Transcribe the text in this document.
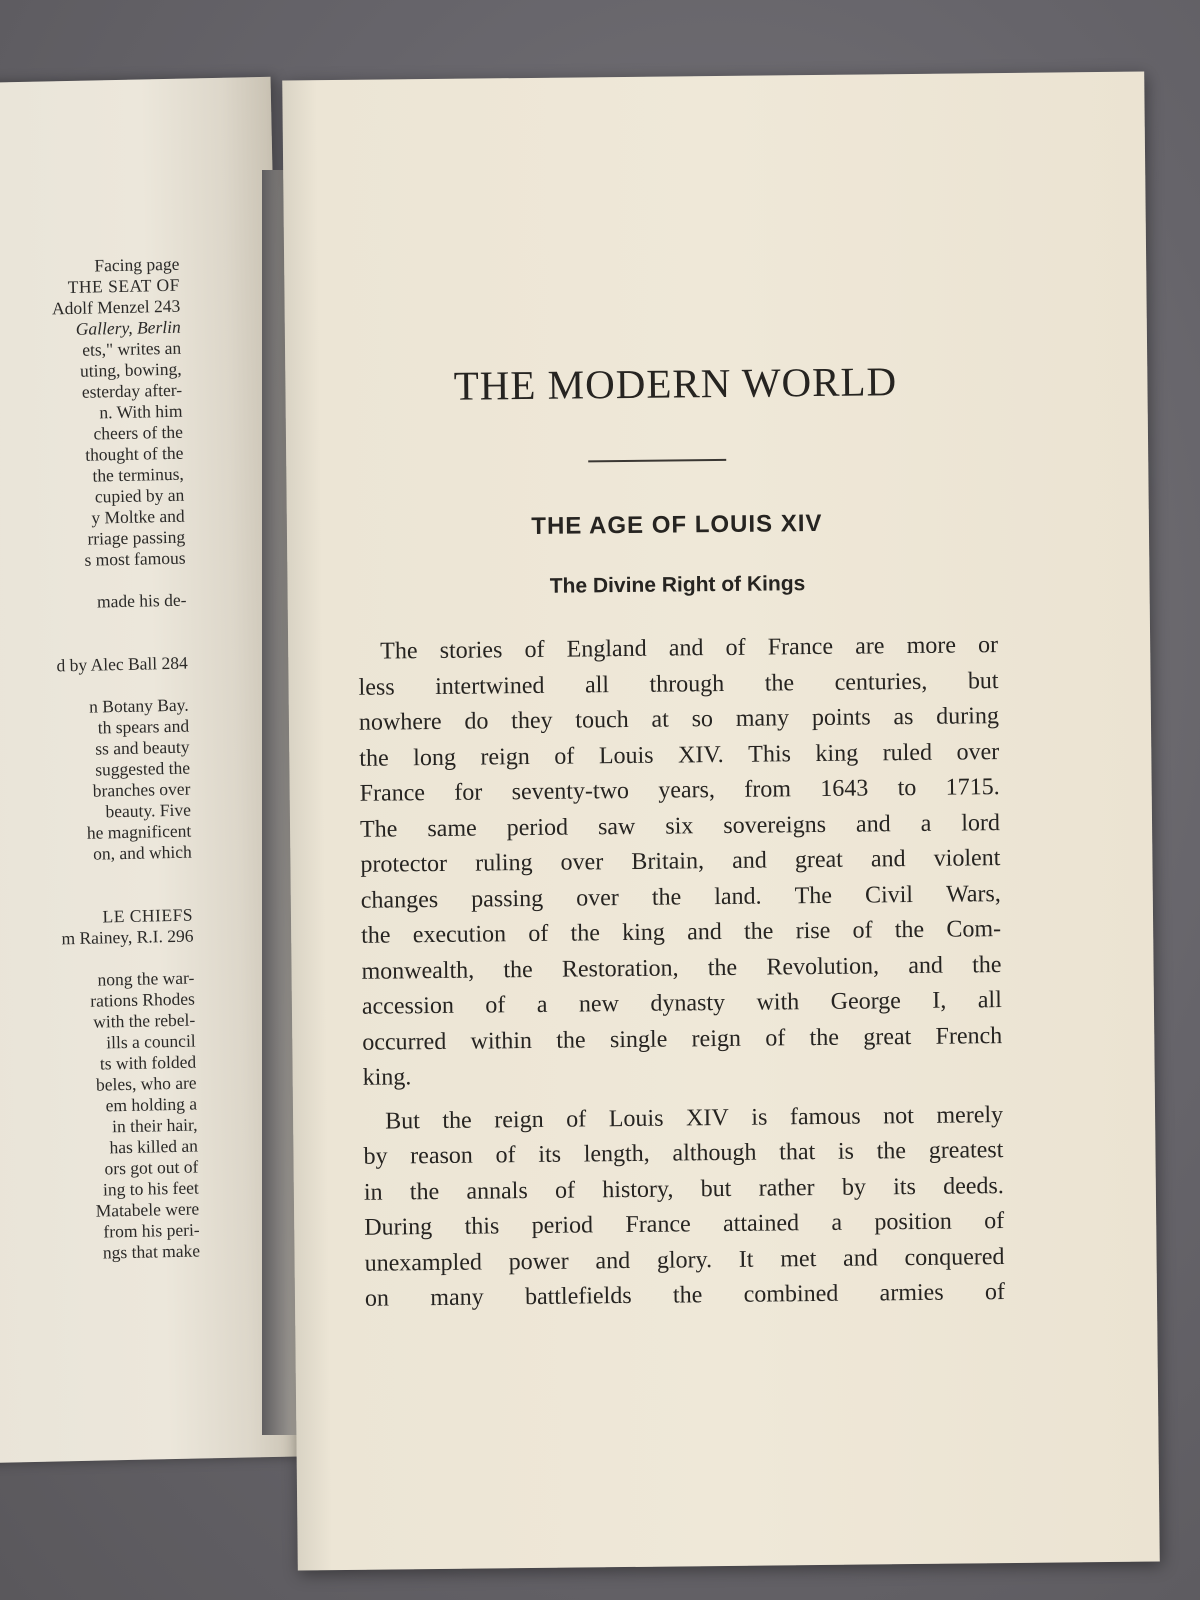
Facing page
THE SEAT OF
Adolf Menzel 243
Gallery, Berlin
ets," writes an
uting, bowing,
esterday after-
n. With him
cheers of the
thought of the
the terminus,
cupied by an
y Moltke and
rriage passing
s most famous
made his de-
d by Alec Ball 284
n Botany Bay.
th spears and
ss and beauty
suggested the
branches over
beauty. Five
he magnificent
on, and which
LE CHIEFS
m Rainey, R.I. 296
nong the war-
rations Rhodes
with the rebel-
ills a council
ts with folded
beles, who are
em holding a
in their hair,
has killed an
ors got out of
ing to his feet
Matabele were
from his peri-
ngs that make
THE MODERN WORLD
THE AGE OF LOUIS XIV
The Divine Right of Kings
The stories of England and of France are more or
less intertwined all through the centuries, but
nowhere do they touch at so many points as during
the long reign of Louis XIV. This king ruled over
France for seventy-two years, from 1643 to 1715.
The same period saw six sovereigns and a lord
protector ruling over Britain, and great and violent
changes passing over the land. The Civil Wars,
the execution of the king and the rise of the Com-
monwealth, the Restoration, the Revolution, and the
accession of a new dynasty with George I, all
occurred within the single reign of the great French
king.
But the reign of Louis XIV is famous not merely
by reason of its length, although that is the greatest
in the annals of history, but rather by its deeds.
During this period France attained a position of
unexampled power and glory. It met and conquered
on many battlefields the combined armies of
